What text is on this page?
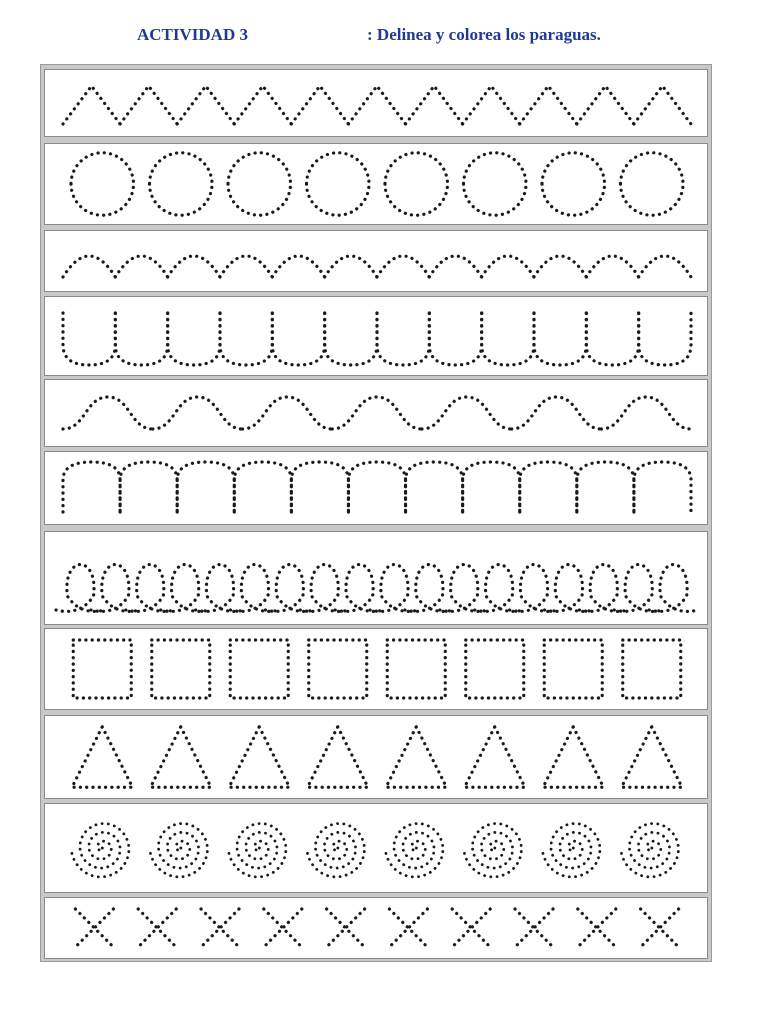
ACTIVIDAD 3	: Delinea y colorea los paraguas.
